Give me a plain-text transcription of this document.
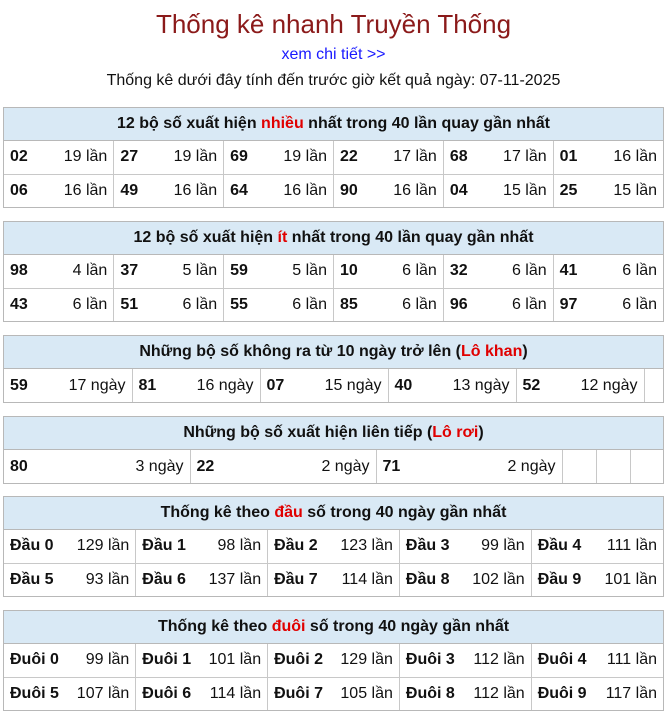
Thống kê nhanh Truyền Thống
xem chi tiết >>
Thống kê dưới đây tính đến trước giờ kết quả ngày: 07-11-2025
12 bộ số xuất hiện nhiều nhất trong 40 lần quay gần nhất
02	19 lần	27	19 lần	69	19 lần	22	17 lần	68	17 lần	01	16 lần
06	16 lần	49	16 lần	64	16 lần	90	16 lần	04	15 lần	25	15 lần
12 bộ số xuất hiện ít nhất trong 40 lần quay gần nhất
98	4 lần	37	5 lần	59	5 lần	10	6 lần	32	6 lần	41	6 lần
43	6 lần	51	6 lần	55	6 lần	85	6 lần	96	6 lần	97	6 lần
Những bộ số không ra từ 10 ngày trở lên (Lô khan)
59	17 ngày	81	16 ngày	07	15 ngày	40	13 ngày	52	12 ngày	
Những bộ số xuất hiện liên tiếp (Lô rơi)
80	3 ngày	22	2 ngày	71	2 ngày			
Thống kê theo đầu số trong 40 ngày gần nhất
Đầu 0	129 lần	Đầu 1	98 lần	Đầu 2	123 lần	Đầu 3	99 lần	Đầu 4	111 lần
Đầu 5	93 lần	Đầu 6	137 lần	Đầu 7	114 lần	Đầu 8	102 lần	Đầu 9	101 lần
Thống kê theo đuôi số trong 40 ngày gần nhất
Đuôi 0	99 lần	Đuôi 1	101 lần	Đuôi 2	129 lần	Đuôi 3	112 lần	Đuôi 4	111 lần
Đuôi 5	107 lần	Đuôi 6	114 lần	Đuôi 7	105 lần	Đuôi 8	112 lần	Đuôi 9	117 lần
